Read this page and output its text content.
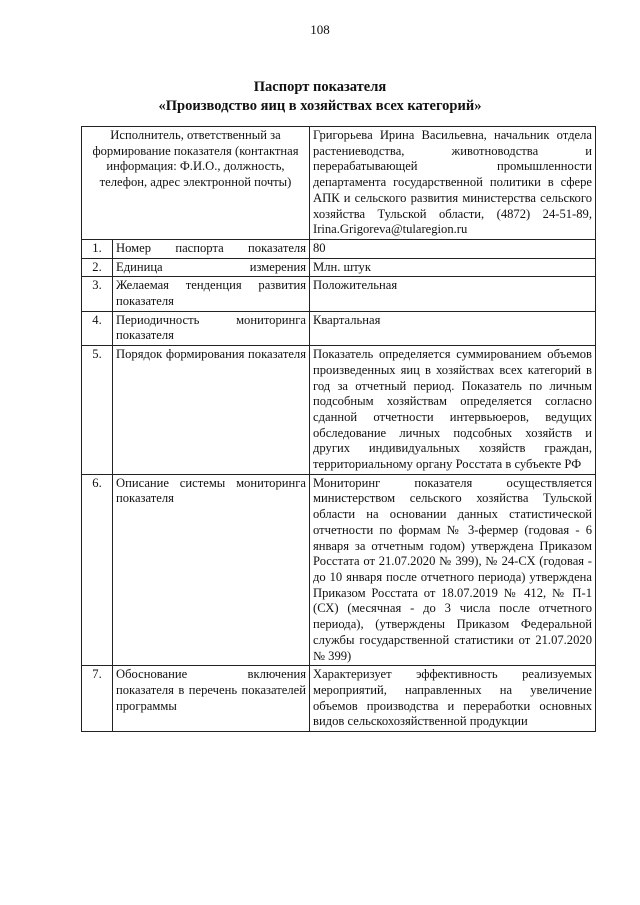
108
Паспорт показателя
«Производство яиц в хозяйствах всех категорий»
Исполнитель, ответственный за формирование показателя (контактная информация: Ф.И.О., должность, телефон, адрес электронной почты)		Григорьева Ирина Васильевна, начальник отдела растениеводства, животноводства и перерабатывающей промышленности департамента государственной политики в сфере АПК и сельского развития министерства сельского хозяйства Тульской области, (4872) 24-51-89, Irina.Grigoreva@tularegion.ru
1.	Номер паспорта показателя	80
2.	Единица измерения	Млн. штук
3.	Желаемая тенденция развития показателя	Положительная
4.	Периодичность мониторинга показателя	Квартальная
5.	Порядок формирования показателя	Показатель определяется суммированием объемов произведенных яиц в хозяйствах всех категорий в год за отчетный период. Показатель по личным подсобным хозяйствам определяется согласно сданной отчетности интервьюеров, ведущих обследование личных подсобных хозяйств и других индивидуальных хозяйств граждан, территориальному органу Росстата в субъекте РФ
6.	Описание системы мониторинга показателя	Мониторинг показателя осуществляется министерством сельского хозяйства Тульской области на основании данных статистической отчетности по формам № 3-фермер (годовая - 6 января за отчетным годом) утверждена Приказом Росстата от 21.07.2020 № 399), № 24-СХ (годовая - до 10 января после отчетного периода) утверждена Приказом Росстата от 18.07.2019 № 412, № П-1 (СХ) (месячная - до 3 числа после отчетного периода), (утверждены Приказом Федеральной службы государственной статистики от 21.07.2020 № 399)
7.	Обоснование включения показателя в перечень показателей программы	Характеризует эффективность реализуемых мероприятий, направленных на увеличение объемов производства и переработки основных видов сельскохозяйственной продукции
